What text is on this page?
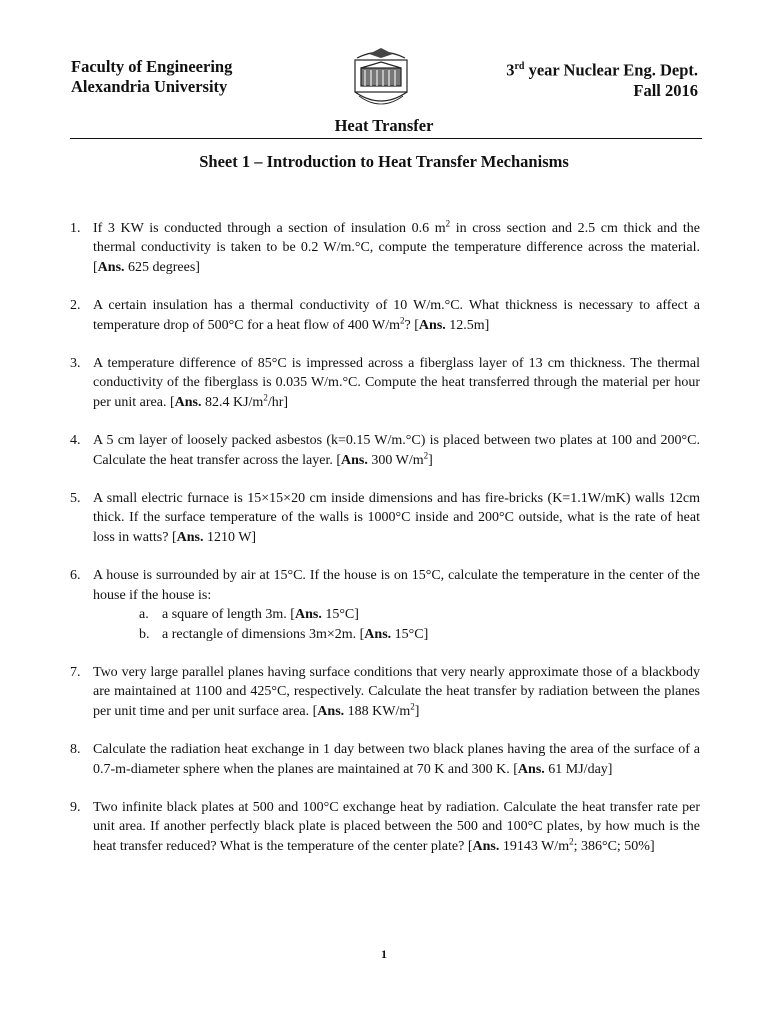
Faculty of Engineering
Alexandria University
3rd year Nuclear Eng. Dept.
Fall 2016
Heat Transfer
Sheet 1 – Introduction to Heat Transfer Mechanisms
1. If 3 KW is conducted through a section of insulation 0.6 $m^2$ in cross section and 2.5 cm thick and the thermal conductivity is taken to be 0.2 W/m.°C, compute the temperature difference across the material. [Ans. 625 degrees]
2. A certain insulation has a thermal conductivity of 10 W/m.°C. What thickness is necessary to affect a temperature drop of 500°C for a heat flow of 400 $W/m^2$? [Ans. 12.5m]
3. A temperature difference of 85°C is impressed across a fiberglass layer of 13 cm thickness. The thermal conductivity of the fiberglass is 0.035 W/m.°C. Compute the heat transferred through the material per hour per unit area. [Ans. 82.4 $KJ/m^2/hr$]
4. A 5 cm layer of loosely packed asbestos (k=0.15 W/m.°C) is placed between two plates at 100 and 200°C. Calculate the heat transfer across the layer. [Ans. 300 $W/m^2$]
5. A small electric furnace is 15×15×20 cm inside dimensions and has fire-bricks (K=1.1W/mK) walls 12cm thick. If the surface temperature of the walls is 1000°C inside and 200°C outside, what is the rate of heat loss in watts? [Ans. 1210 W]
6. A house is surrounded by air at 15°C. If the house is on 15°C, calculate the temperature in the center of the house if the house is:
a. a square of length 3m. [Ans. 15°C]
b. a rectangle of dimensions 3m×2m. [Ans. 15°C]
7. Two very large parallel planes having surface conditions that very nearly approximate those of a blackbody are maintained at 1100 and 425°C, respectively. Calculate the heat transfer by radiation between the planes per unit time and per unit surface area. [Ans. 188 $KW/m^2$]
8. Calculate the radiation heat exchange in 1 day between two black planes having the area of the surface of a 0.7-m-diameter sphere when the planes are maintained at 70 K and 300 K. [Ans. 61 MJ/day]
9. Two infinite black plates at 500 and 100°C exchange heat by radiation. Calculate the heat transfer rate per unit area. If another perfectly black plate is placed between the 500 and 100°C plates, by how much is the heat transfer reduced? What is the temperature of the center plate? [Ans. 19143 $W/m^2$; 386°C; 50%]
1
